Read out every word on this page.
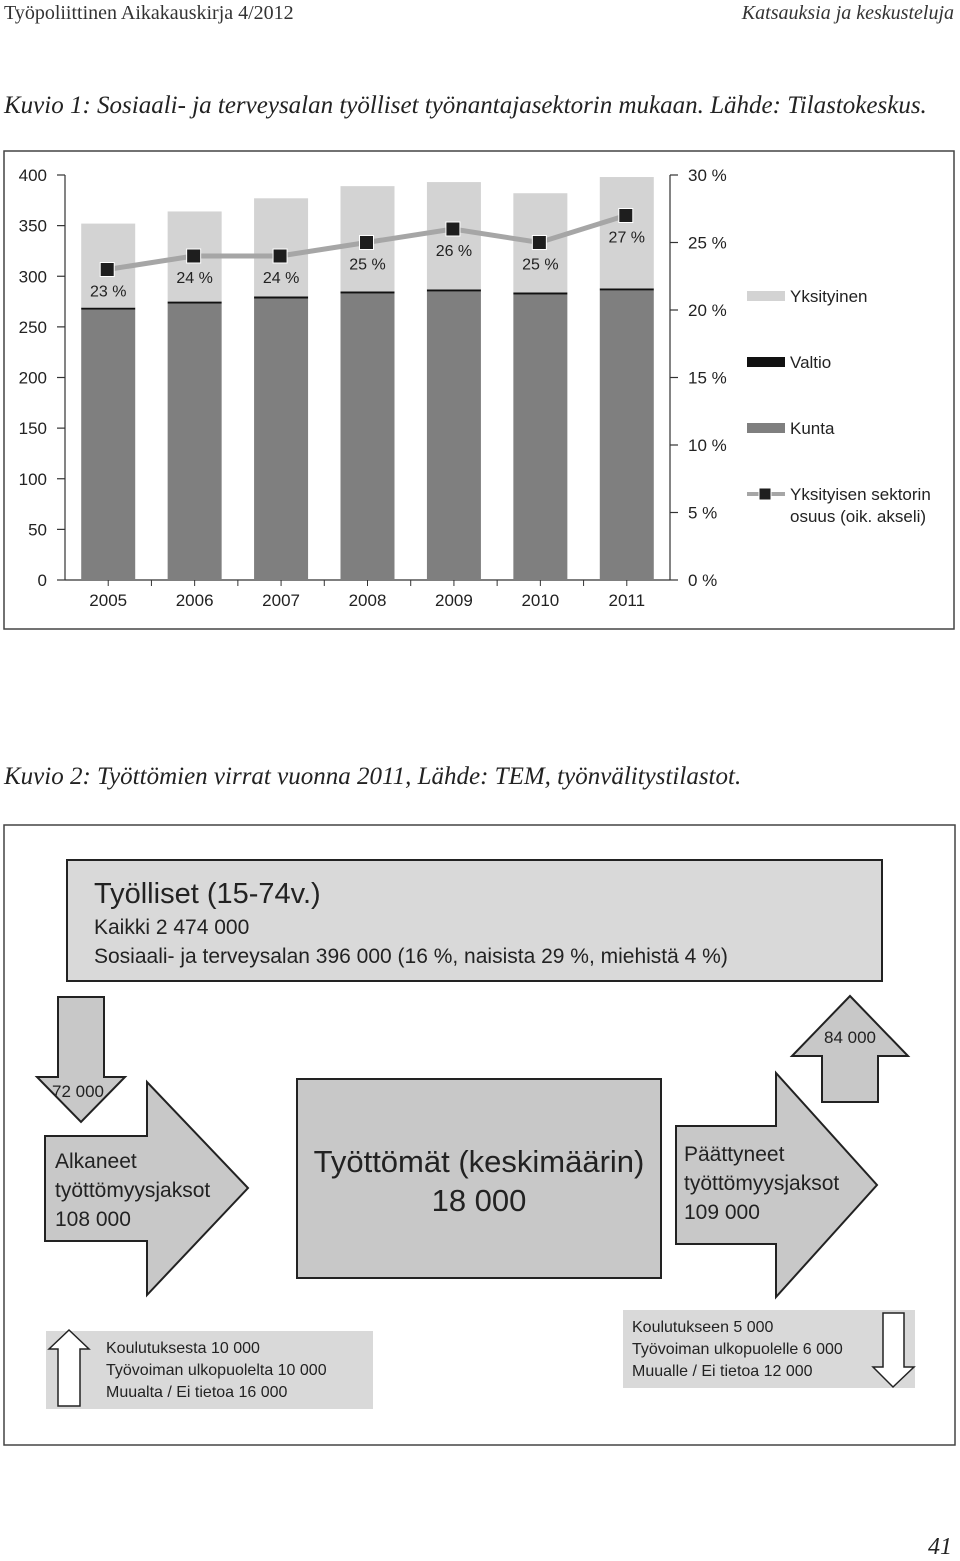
Työpoliittinen Aikakauskirja 4/2012	Katsauksia ja keskusteluja
Kuvio 1: Sosiaali- ja terveysalan työlliset työnantajasektorin mukaan. Lähde: Tilastokeskus.
0
50
100
150
200
250
300
350
400
0 %
5 %
10 %
15 %
20 %
25 %
30 %
2005	2006	2007	2008	2009	2010	2011
23 %
24 %	24 %
25 %
26 %
25 %
27 %
Yksityinen
Valtio
Kunta
Yksityisen sektorin
osuus (oik. akseli)
Työlliset (15-74v.)
Kaikki 2 474 000
Sosiaali- ja terveysalan 396 000 (16 %, naisista 29 %, miehistä 4 %)
72 000
84 000
Alkaneet
työttömyysjaksot
108 000
Työttömät (keskimäärin)
18 000
Päättyneet
työttömyysjaksot
109 000
Koulutuksesta 10 000
Työvoiman ulkopuolelta 10 000
Muualta / Ei tietoa 16 000
Koulutukseen 5 000
Työvoiman ulkopuolelle 6 000
Muualle / Ei tietoa 12 000
Kuvio 2: Työttömien virrat vuonna 2011, Lähde: TEM, työnvälitystilastot.
41
